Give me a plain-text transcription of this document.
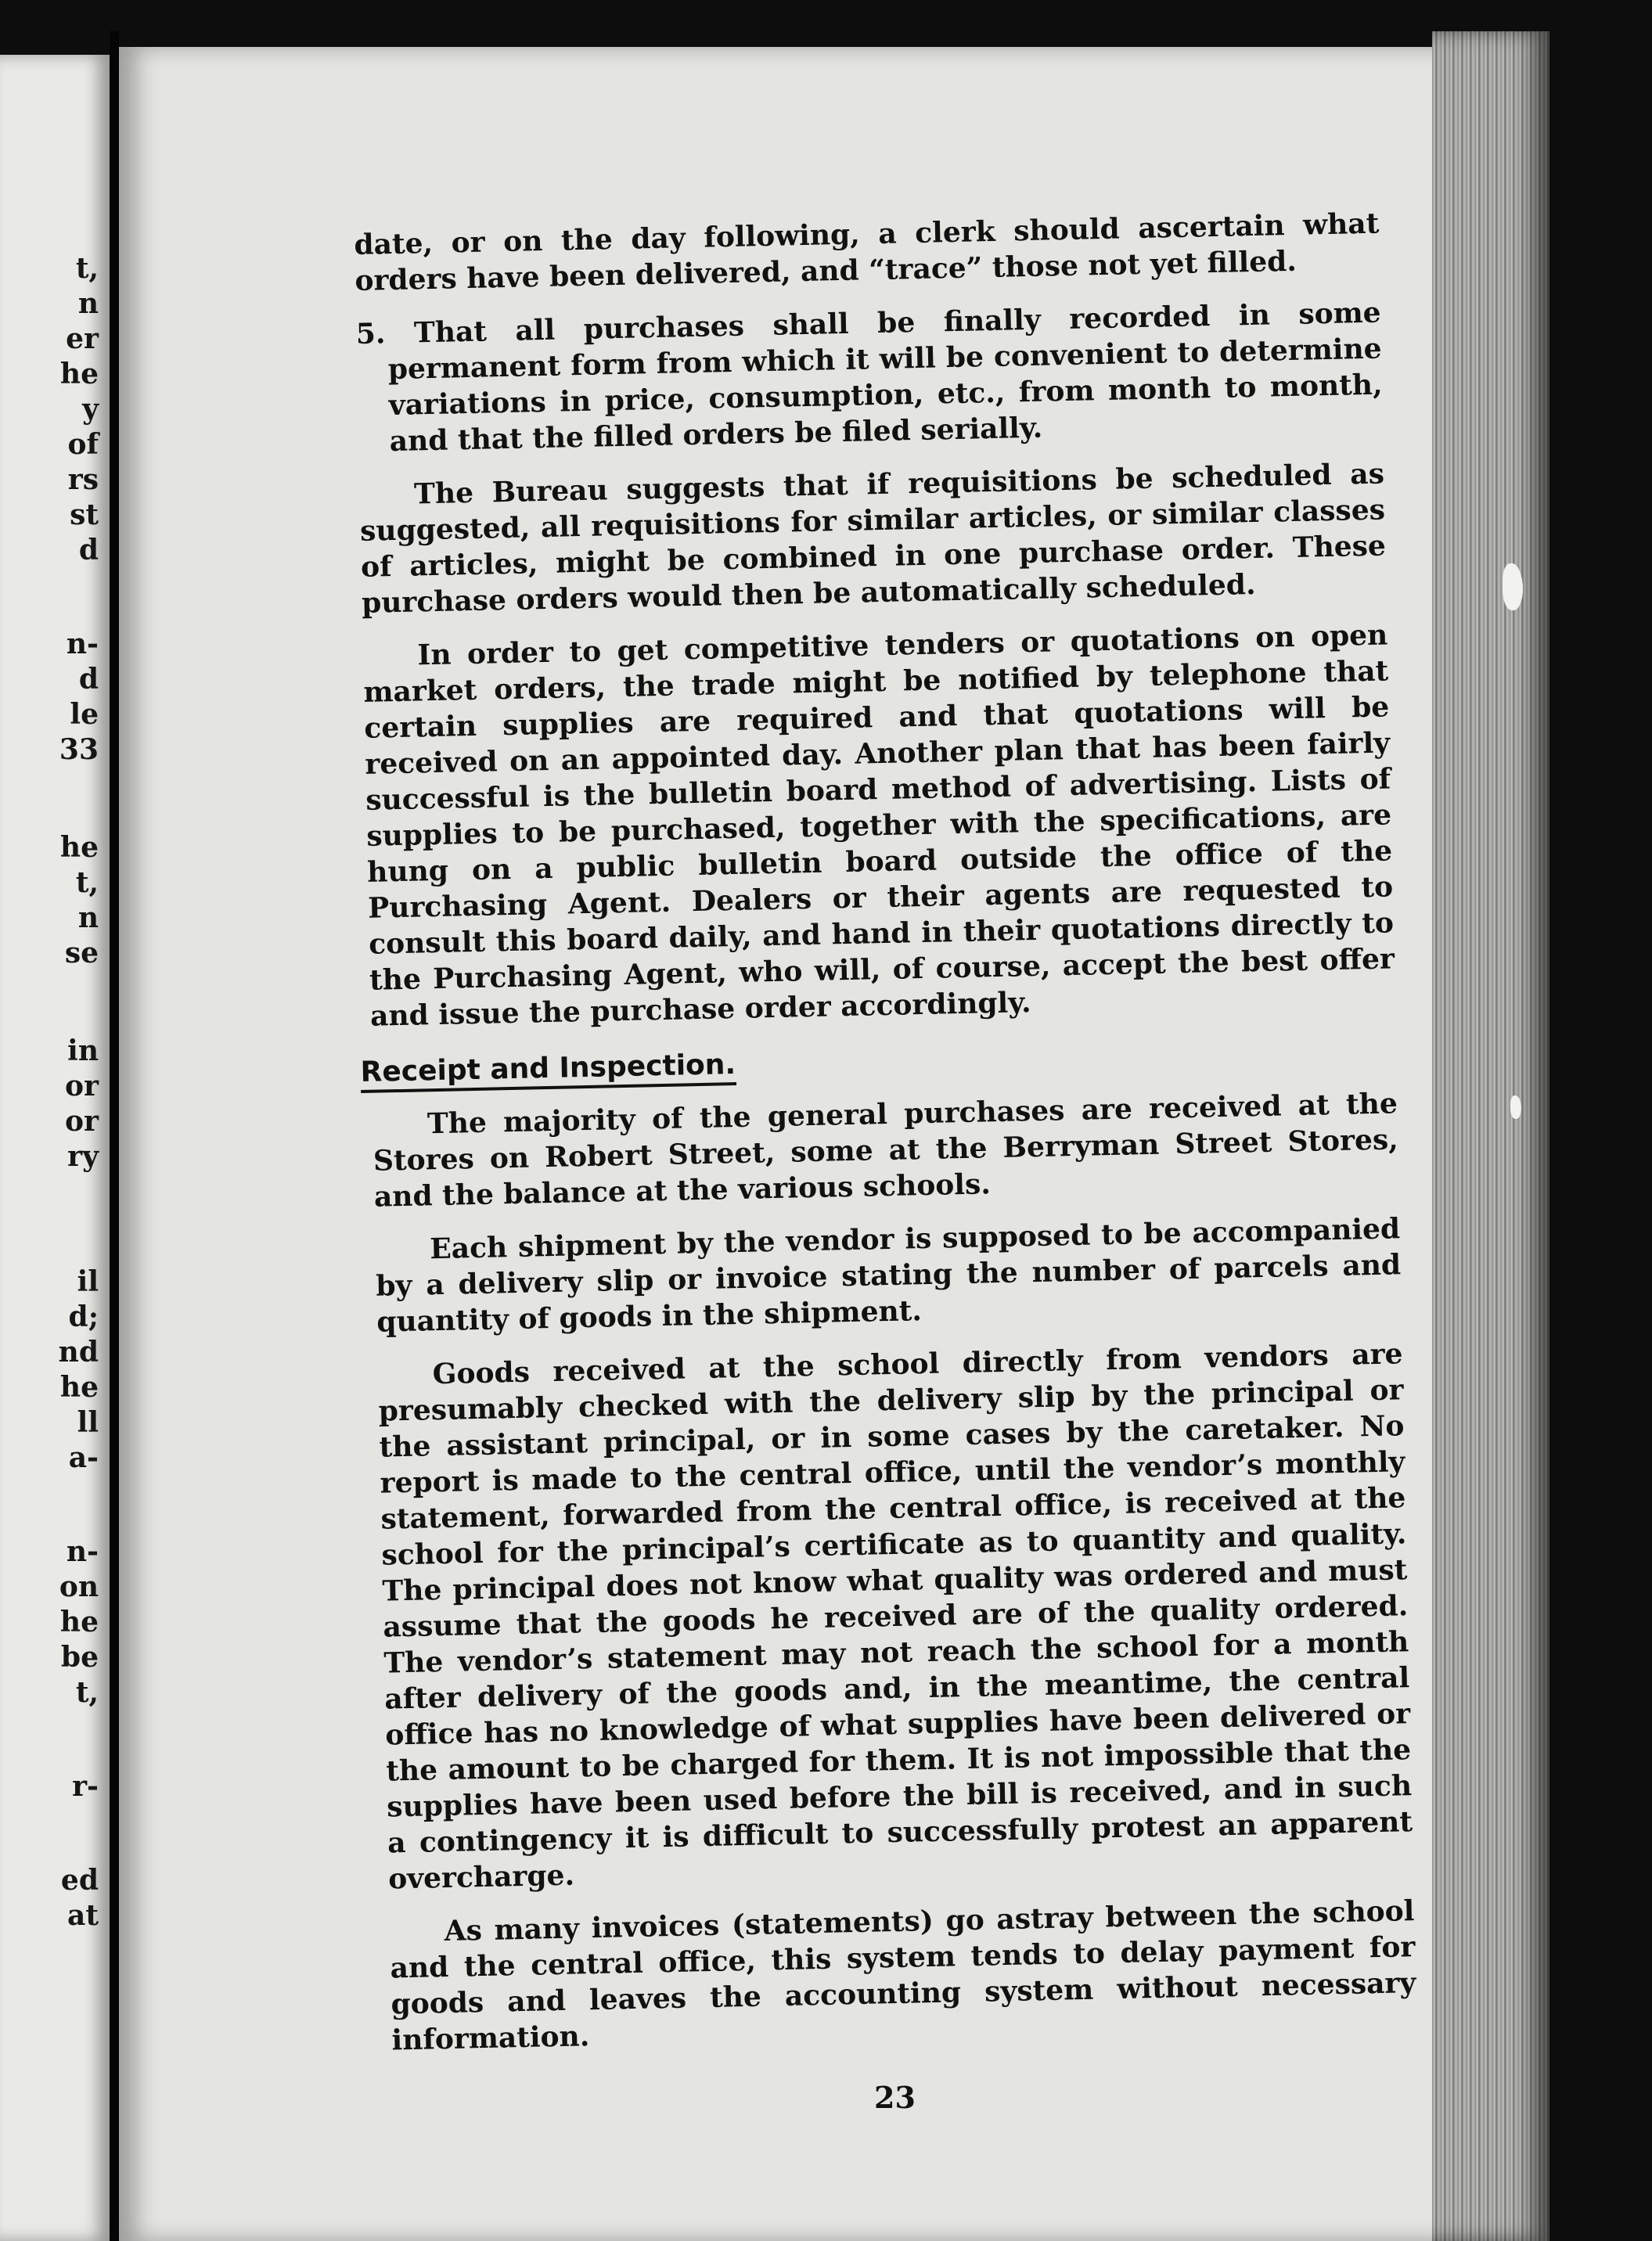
t,
n
er
he
y
of
rs
st
d
n-
d
le
33
he
t,
n
se
in
or
or
ry
il
d;
nd
he
ll
a-
n-
on
he
be
t,
r-
ed
at

date, or on the day following, a clerk should ascertain what orders have been delivered, and “trace” those not yet filled.

5. That all purchases shall be finally recorded in some permanent form from which it will be convenient to determine variations in price, consumption, etc., from month to month, and that the filled orders be filed serially.

The Bureau suggests that if requisitions be scheduled as suggested, all requisitions for similar articles, or similar classes of articles, might be combined in one purchase order. These purchase orders would then be automatically scheduled.

In order to get competitive tenders or quotations on open market orders, the trade might be notified by telephone that certain supplies are required and that quotations will be received on an appointed day. Another plan that has been fairly successful is the bulletin board method of advertising. Lists of supplies to be purchased, together with the specifications, are hung on a public bulletin board outside the office of the Purchasing Agent. Dealers or their agents are requested to consult this board daily, and hand in their quotations directly to the Purchasing Agent, who will, of course, accept the best offer and issue the purchase order accordingly.

Receipt and Inspection.

The majority of the general purchases are received at the Stores on Robert Street, some at the Berryman Street Stores, and the balance at the various schools.

Each shipment by the vendor is supposed to be accompanied by a delivery slip or invoice stating the number of parcels and quantity of goods in the shipment.

Goods received at the school directly from vendors are presumably checked with the delivery slip by the principal or the assistant principal, or in some cases by the caretaker. No report is made to the central office, until the vendor’s monthly statement, forwarded from the central office, is received at the school for the principal’s certificate as to quantity and quality. The principal does not know what quality was ordered and must assume that the goods he received are of the quality ordered. The vendor’s statement may not reach the school for a month after delivery of the goods and, in the meantime, the central office has no knowledge of what supplies have been delivered or the amount to be charged for them. It is not impossible that the supplies have been used before the bill is received, and in such a contingency it is difficult to successfully protest an apparent overcharge.

As many invoices (statements) go astray between the school and the central office, this system tends to delay payment for goods and leaves the accounting system without necessary information.

23
